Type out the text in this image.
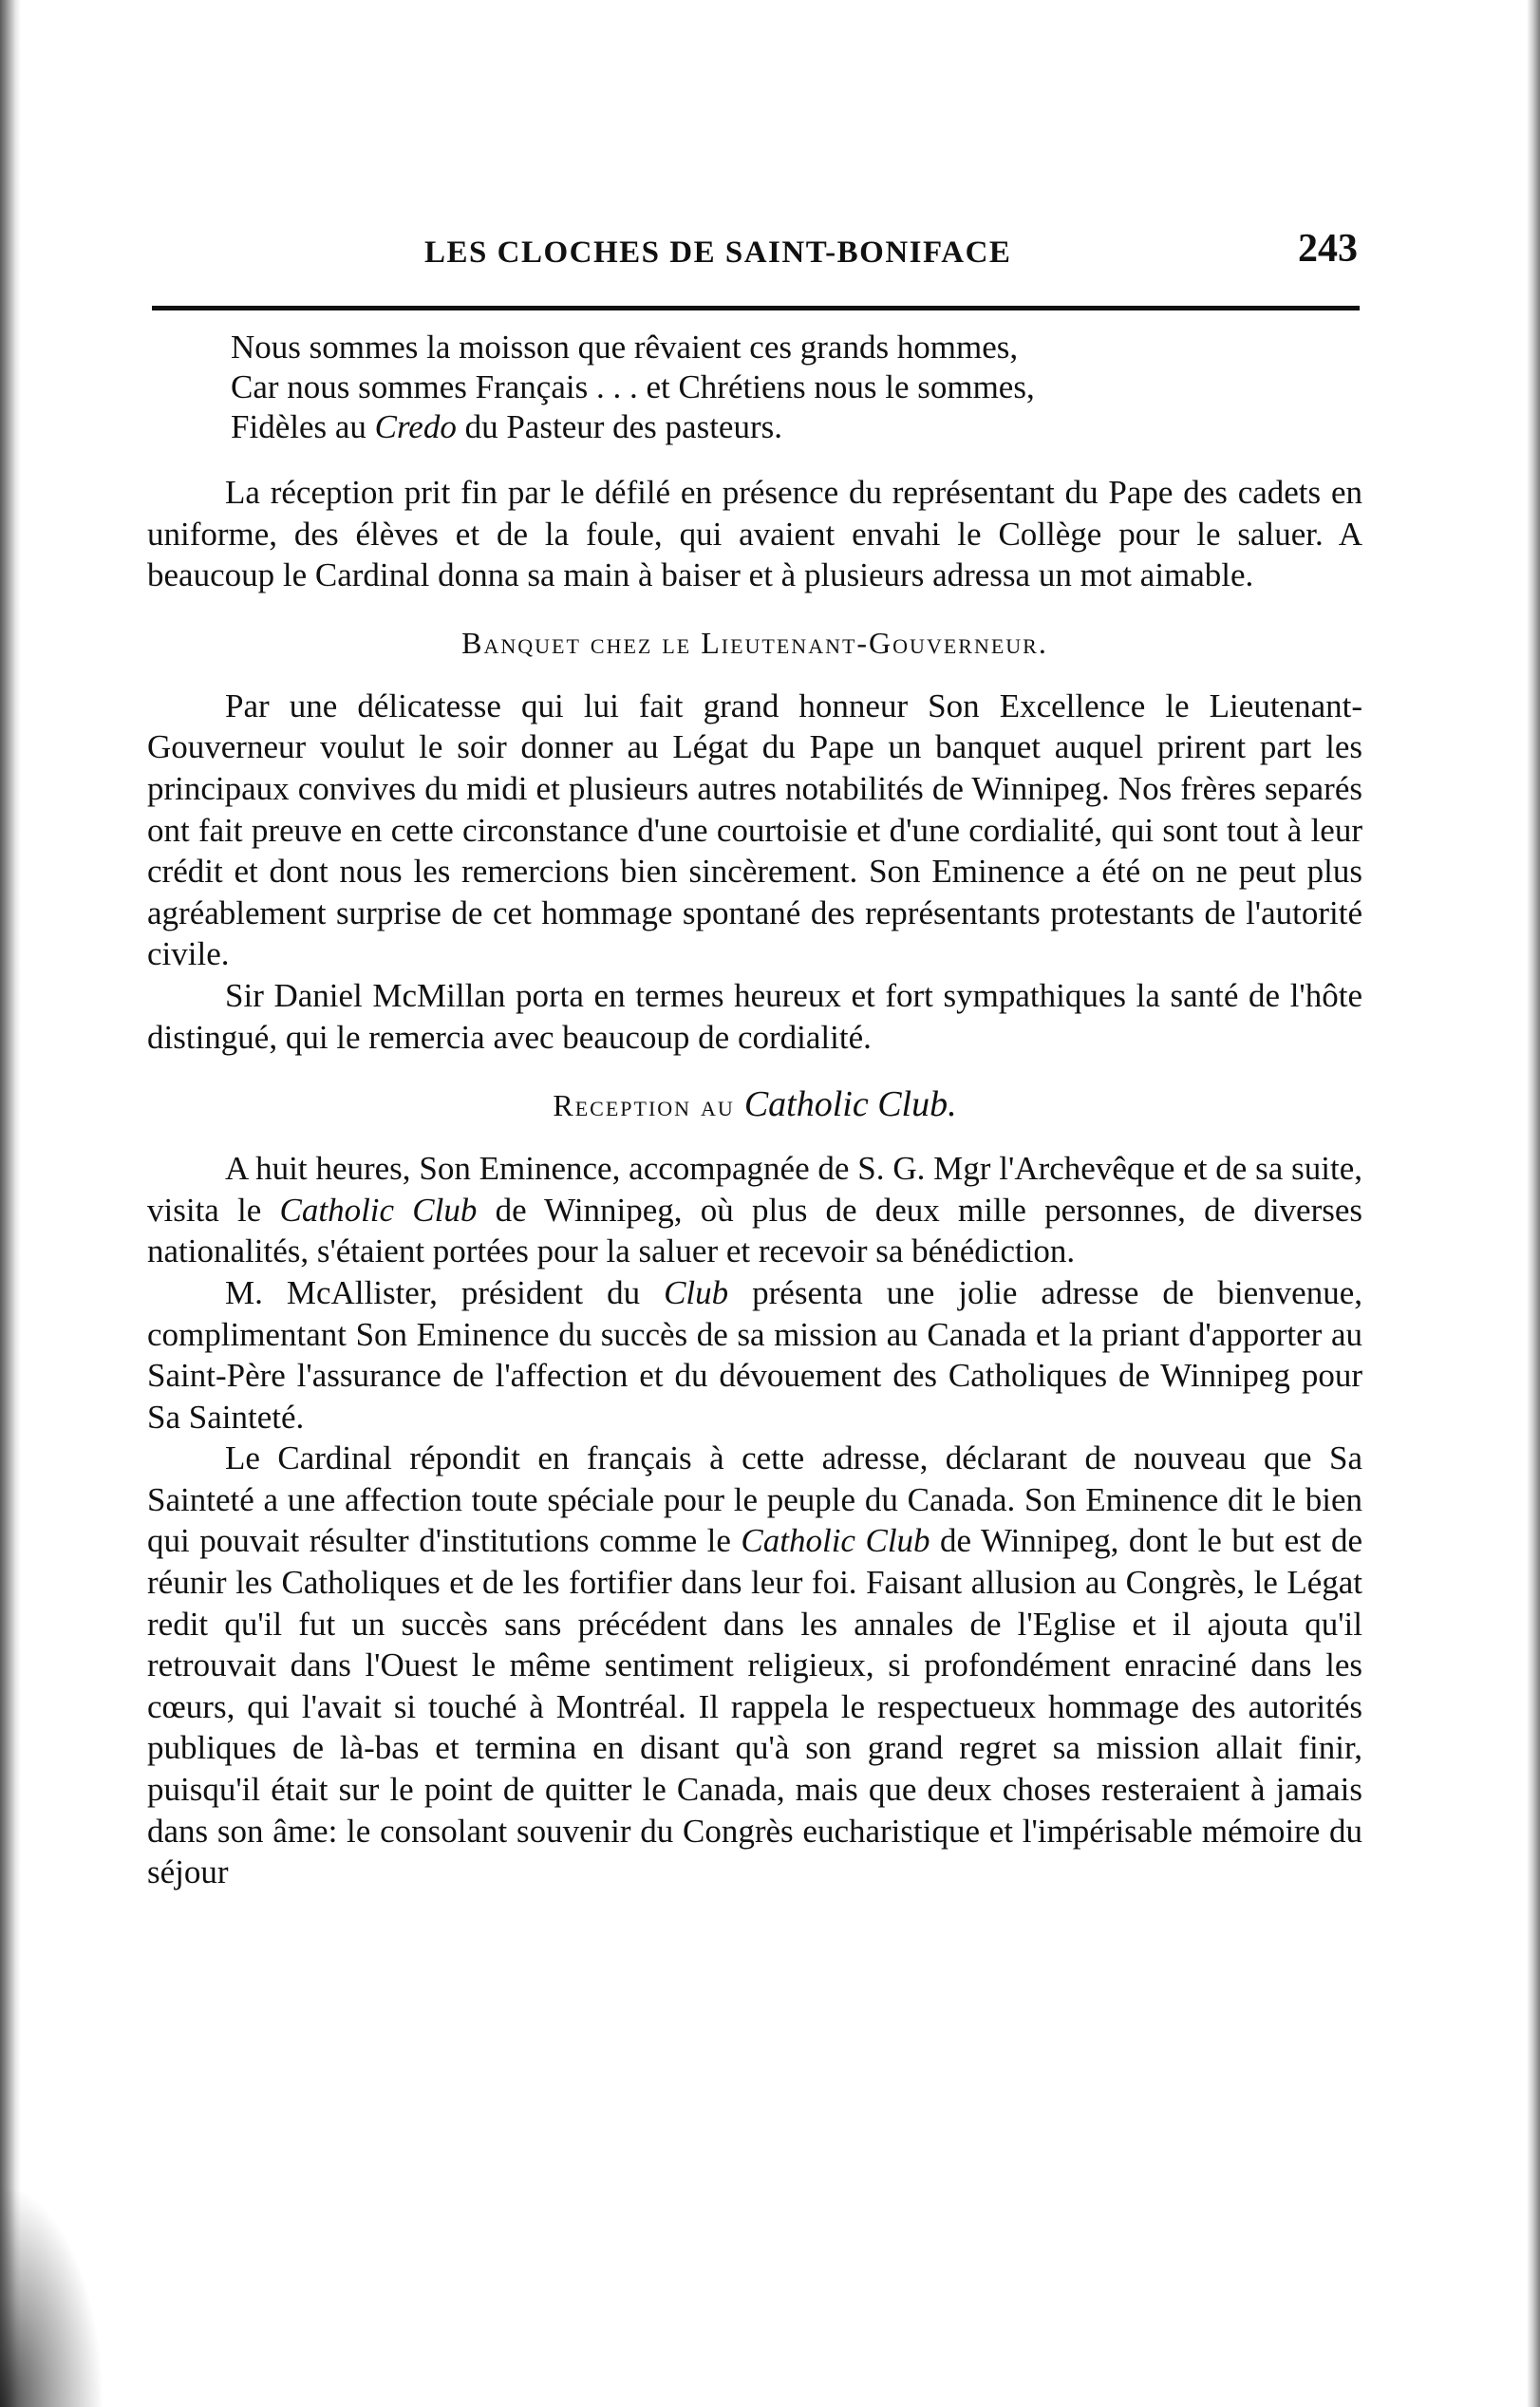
LES CLOCHES DE SAINT-BONIFACE	243
Nous sommes la moisson que rêvaient ces grands hommes,
Car nous sommes Français . . . et Chrétiens nous le sommes,
Fidèles au Credo du Pasteur des pasteurs.

La réception prit fin par le défilé en présence du représentant du Pape des cadets en uniforme, des élèves et de la foule, qui avaient envahi le Collège pour le saluer. A beaucoup le Cardinal donna sa main à baiser et à plusieurs adressa un mot aimable.

Banquet chez le Lieutenant-Gouverneur.

Par une délicatesse qui lui fait grand honneur Son Excellence le Lieutenant-Gouverneur voulut le soir donner au Légat du Pape un banquet auquel prirent part les principaux convives du midi et plusieurs autres notabilités de Winnipeg. Nos frères separés ont fait preuve en cette circonstance d'une courtoisie et d'une cordialité, qui sont tout à leur crédit et dont nous les remercions bien sincèrement. Son Eminence a été on ne peut plus agréablement surprise de cet hommage spontané des représentants protestants de l'autorité civile.

Sir Daniel McMillan porta en termes heureux et fort sympathiques la santé de l'hôte distingué, qui le remercia avec beaucoup de cordialité.

Reception au Catholic Club.

A huit heures, Son Eminence, accompagnée de S. G. Mgr l'Archevêque et de sa suite, visita le Catholic Club de Winnipeg, où plus de deux mille personnes, de diverses nationalités, s'étaient portées pour la saluer et recevoir sa bénédiction.

M. McAllister, président du Club présenta une jolie adresse de bienvenue, complimentant Son Eminence du succès de sa mission au Canada et la priant d'apporter au Saint-Père l'assurance de l'affection et du dévouement des Catholiques de Winnipeg pour Sa Sainteté.

Le Cardinal répondit en français à cette adresse, déclarant de nouveau que Sa Sainteté a une affection toute spéciale pour le peuple du Canada. Son Eminence dit le bien qui pouvait résulter d'institutions comme le Catholic Club de Winnipeg, dont le but est de réunir les Catholiques et de les fortifier dans leur foi. Faisant allusion au Congrès, le Légat redit qu'il fut un succès sans précédent dans les annales de l'Eglise et il ajouta qu'il retrouvait dans l'Ouest le même sentiment religieux, si profondément enraciné dans les cœurs, qui l'avait si touché à Montréal. Il rappela le respectueux hommage des autorités publiques de là-bas et termina en disant qu'à son grand regret sa mission allait finir, puisqu'il était sur le point de quitter le Canada, mais que deux choses resteraient à jamais dans son âme: le consolant souvenir du Congrès eucharistique et l'impérisable mémoire du séjour
